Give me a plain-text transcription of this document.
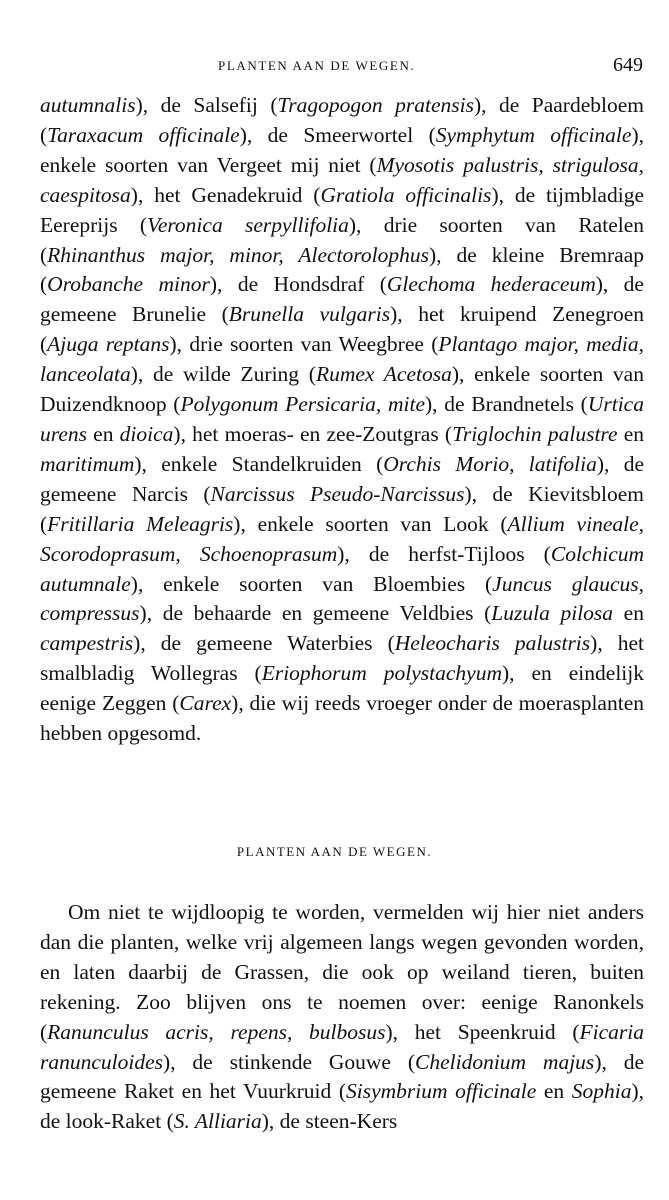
PLANTEN AAN DE WEGEN.	649
autumnalis), de Salsefij (Tragopogon pratensis), de Paardebloem (Taraxacum officinale), de Smeerwortel (Symphytum officinale), enkele soorten van Vergeet mij niet (Myosotis palustris, strigulosa, caespitosa), het Genadekruid (Gratiola officinalis), de tijmbladige Eereprijs (Veronica serpyllifolia), drie soorten van Ratelen (Rhinanthus major, minor, Alectorolophus), de kleine Bremraap (Orobanche minor), de Hondsdraf (Glechoma hederaceum), de gemeene Brunelie (Brunella vulgaris), het kruipend Zenegroen (Ajuga reptans), drie soorten van Weegbree (Plantago major, media, lanceolata), de wilde Zuring (Rumex Acetosa), enkele soorten van Duizendknoop (Polygonum Persicaria, mite), de Brandnetels (Urtica urens en dioica), het moeras- en zee-Zoutgras (Triglochin palustre en maritimum), enkele Standelkruiden (Orchis Morio, latifolia), de gemeene Narcis (Narcissus Pseudo-Narcissus), de Kievitsbloem (Fritillaria Meleagris), enkele soorten van Look (Allium vineale, Scorodoprasum, Schoenoprasum), de herfst-Tijloos (Colchicum autumnale), enkele soorten van Bloembies (Juncus glaucus, compressus), de behaarde en gemeene Veldbies (Luzula pilosa en campestris), de gemeene Waterbies (Heleocharis palustris), het smalbladig Wollegras (Eriophorum polystachyum), en eindelijk eenige Zeggen (Carex), die wij reeds vroeger onder de moerasplanten hebben opgesomd.
PLANTEN AAN DE WEGEN.
Om niet te wijdloopig te worden, vermelden wij hier niet anders dan die planten, welke vrij algemeen langs wegen gevonden worden, en laten daarbij de Grassen, die ook op weiland tieren, buiten rekening. Zoo blijven ons te noemen over: eenige Ranonkels (Ranunculus acris, repens, bulbosus), het Speenkruid (Ficaria ranunculoides), de stinkende Gouwe (Chelidonium majus), de gemeene Raket en het Vuurkruid (Sisymbrium officinale en Sophia), de look-Raket (S. Alliaria), de steen-Kers
